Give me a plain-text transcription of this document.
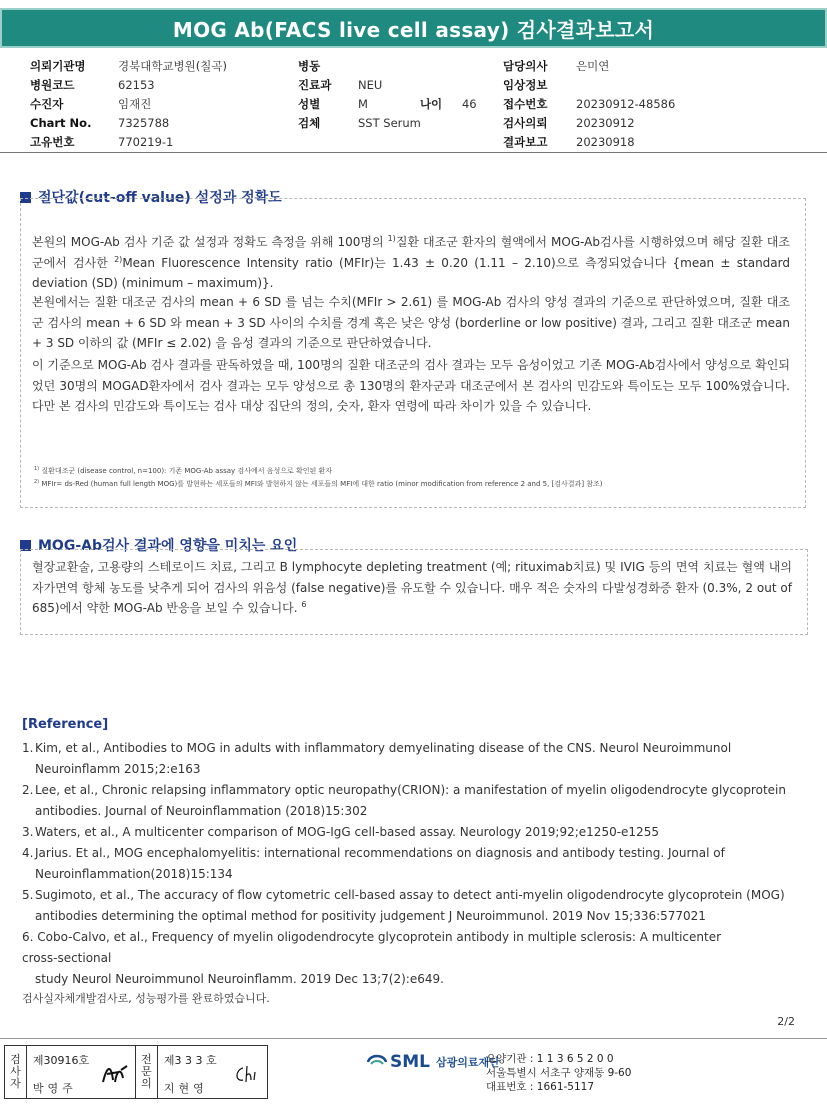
MOG Ab(FACS live cell assay) 검사결과보고서
의뢰기관명	경북대학교병원(칠곡)
병원코드	62153
수진자	임재진
Chart No.	7325788
고유번호	770219-1
병동
진료과	NEU
성별	M	나이	46
검체	SST Serum
담당의사	은미연
임상정보
접수번호	20230912-48586
검사의뢰	20230912
결과보고	20230918
절단값(cut-off value) 설정과 정확도
본원의 MOG-Ab 검사 기준 값 설정과 정확도 측정을 위해 100명의 $^{1)}$질환 대조군 환자의 혈액에서 MOG-Ab검사를 시행하였으며 해당 질환 대조군에서 검사한 $^{2)}$Mean Fluorescence Intensity ratio (MFIr)는 1.43 ± 0.20 (1.11 – 2.10)으로 측정되었습니다 {mean ± standard deviation (SD) (minimum – maximum)}.
본원에서는 질환 대조군 검사의 mean + 6 SD 를 넘는 수치(MFIr > 2.61) 를 MOG-Ab 검사의 양성 결과의 기준으로 판단하였으며, 질환 대조군 검사의 mean + 6 SD 와 mean + 3 SD 사이의 수치를 경계 혹은 낮은 양성 (borderline or low positive) 결과, 그리고 질환 대조군 mean + 3 SD 이하의 값 (MFIr ≤ 2.02) 을 음성 결과의 기준으로 판단하였습니다.
이 기준으로 MOG-Ab 검사 결과를 판독하였을 때, 100명의 질환 대조군의 검사 결과는 모두 음성이었고 기존 MOG-Ab검사에서 양성으로 확인되었던 30명의 MOGAD환자에서 검사 결과는 모두 양성으로 총 130명의 환자군과 대조군에서 본 검사의 민감도와 특이도는 모두 100%였습니다. 다만 본 검사의 민감도와 특이도는 검사 대상 집단의 정의, 숫자, 환자 연령에 따라 차이가 있을 수 있습니다.
$^{1)}$ 질환대조군 (disease control, n=100): 기존 MOG-Ab assay 검사에서 음성으로 확인된 환자
$^{2)}$ MFIr= ds-Red (human full length MOG)를 발현하는 세포들의 MFI와 발현하지 않는 세포들의 MFI에 대한 ratio (minor modification from reference 2 and 5, [검사결과] 참조)
MOG-Ab검사 결과에 영향을 미치는 요인
혈장교환술, 고용량의 스테로이드 치료, 그리고 B lymphocyte depleting treatment (예; rituximab치료) 및 IVIG 등의 면역 치료는 혈액 내의 자가면역 항체 농도를 낮추게 되어 검사의 위음성 (false negative)를 유도할 수 있습니다. 매우 적은 숫자의 다발성경화증 환자 (0.3%, 2 out of 685)에서 약한 MOG-Ab 반응을 보일 수 있습니다. $^6$
[Reference]
1. Kim, et al., Antibodies to MOG in adults with inflammatory demyelinating disease of the CNS. Neurol Neuroimmunol
Neuroinflamm 2015;2:e163
2. Lee, et al., Chronic relapsing inflammatory optic neuropathy(CRION): a manifestation of myelin oligodendrocyte glycoprotein
antibodies. Journal of Neuroinflammation (2018)15:302
3. Waters, et al., A multicenter comparison of MOG-IgG cell-based assay. Neurology 2019;92;e1250-e1255
4. Jarius. Et al., MOG encephalomyelitis: international recommendations on diagnosis and antibody testing. Journal of
Neuroinflammation(2018)15:134
5. Sugimoto, et al., The accuracy of flow cytometric cell-based assay to detect anti-myelin oligodendrocyte glycoprotein (MOG)
antibodies determining the optimal method for positivity judgement J Neuroimmunol. 2019 Nov 15;336:577021
6. Cobo-Calvo, et al., Frequency of myelin oligodendrocyte glycoprotein antibody in multiple sclerosis: A multicenter
cross-sectional
study Neurol Neuroimmunol Neuroinflamm. 2019 Dec 13;7(2):e649.
검사실자체개발검사로, 성능평가를 완료하였습니다.
2/2
검
사
자
제30916호
박영주
전
문
의
제3 3 3 호
지현영
SML 삼광의료재단
요양기관 : 1 1 3 6 5 2 0 0
서울특별시 서초구 양재동 9-60
대표번호 : 1661-5117
